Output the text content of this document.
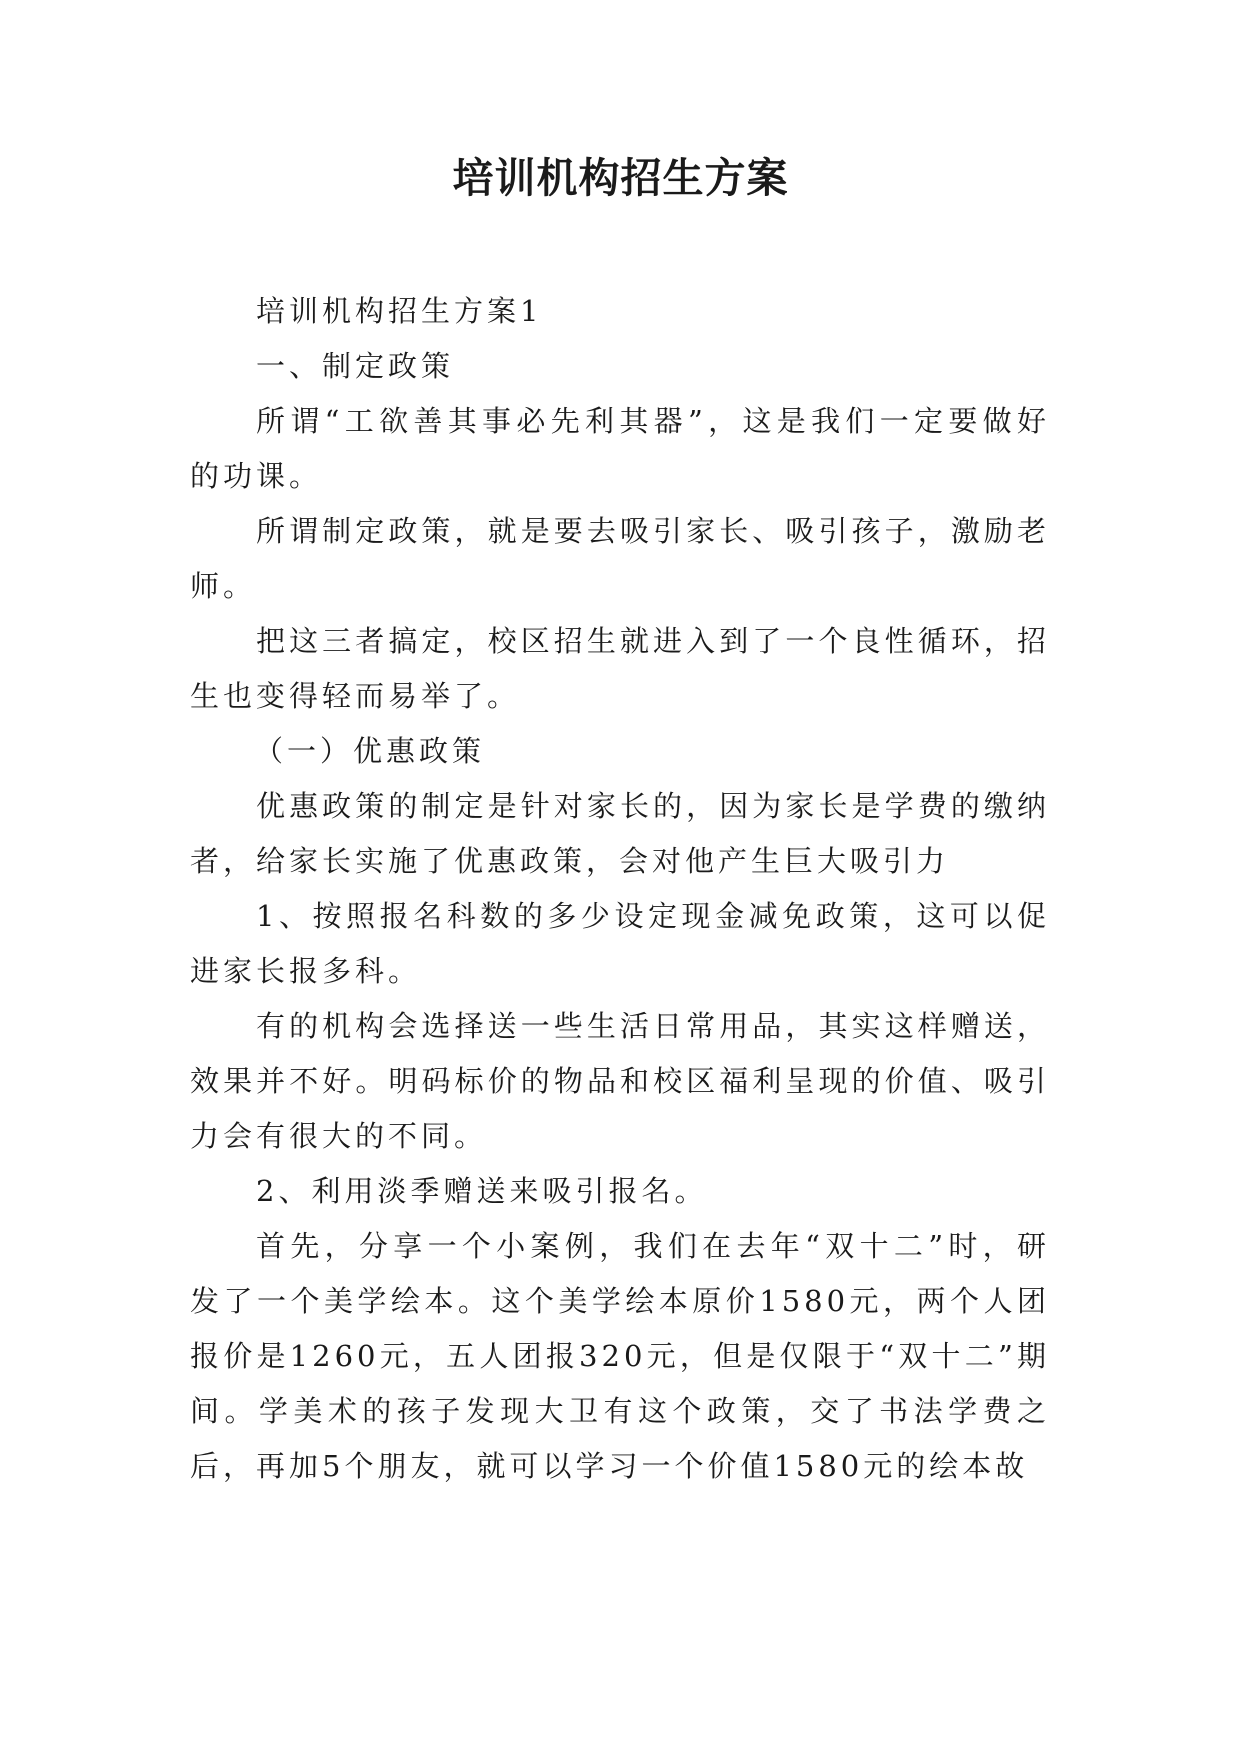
培训机构招生方案

培训机构招生方案1

一、制定政策

所谓“工欲善其事必先利其器”，这是我们一定要做好的功课。

所谓制定政策，就是要去吸引家长、吸引孩子，激励老师。

把这三者搞定，校区招生就进入到了一个良性循环，招生也变得轻而易举了。

（一）优惠政策

优惠政策的制定是针对家长的，因为家长是学费的缴纳者，给家长实施了优惠政策，会对他产生巨大吸引力

1、按照报名科数的多少设定现金减免政策，这可以促进家长报多科。

有的机构会选择送一些生活日常用品，其实这样赠送，效果并不好。明码标价的物品和校区福利呈现的价值、吸引力会有很大的不同。

2、利用淡季赠送来吸引报名。

首先，分享一个小案例，我们在去年“双十二”时，研发了一个美学绘本。这个美学绘本原价1580元，两个人团报价是1260元，五人团报320元，但是仅限于“双十二”期间。学美术的孩子发现大卫有这个政策，交了书法学费之后，再加5个朋友，就可以学习一个价值1580元的绘本故
